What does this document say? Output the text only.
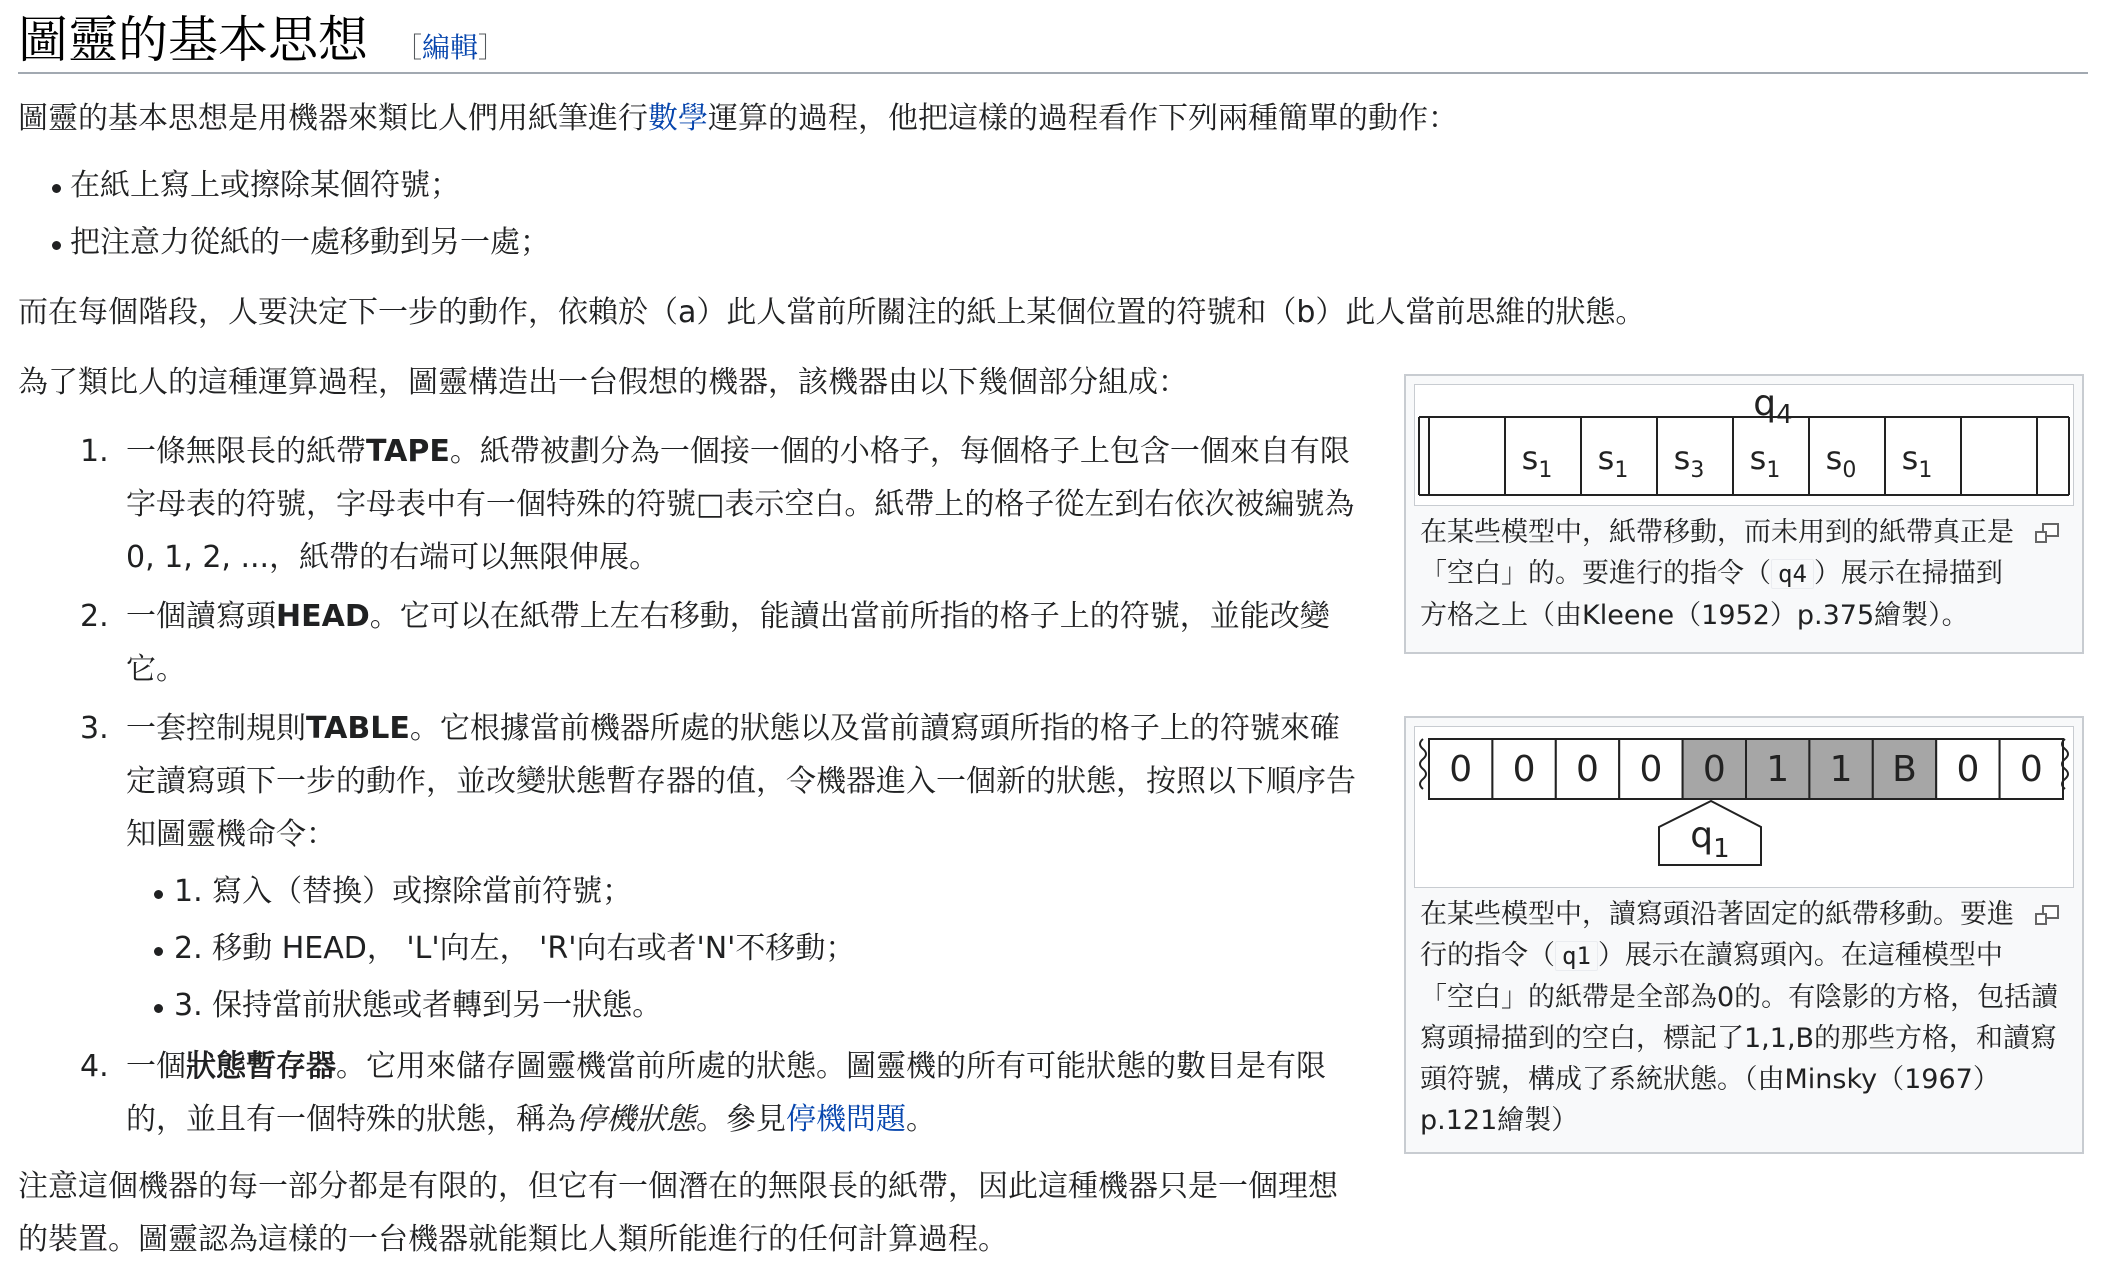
圖靈的基本思想 ［編輯］

圖靈的基本思想是用機器來類比人們用紙筆進行數學運算的過程，他把這樣的過程看作下列兩種簡單的動作：

在紙上寫上或擦除某個符號；
把注意力從紙的一處移動到另一處；

而在每個階段，人要決定下一步的動作，依賴於（a）此人當前所關注的紙上某個位置的符號和（b）此人當前思維的狀態。

為了類比人的這種運算過程，圖靈構造出一台假想的機器，該機器由以下幾個部分組成：

1. 一條無限長的紙帶TAPE。紙帶被劃分為一個接一個的小格子，每個格子上包含一個來自有限字母表的符號，字母表中有一個特殊的符號□表示空白。紙帶上的格子從左到右依次被編號為0, 1, 2, ...，紙帶的右端可以無限伸展。
2. 一個讀寫頭HEAD。它可以在紙帶上左右移動，能讀出當前所指的格子上的符號，並能改變它。
3. 一套控制規則TABLE。它根據當前機器所處的狀態以及當前讀寫頭所指的格子上的符號來確定讀寫頭下一步的動作，並改變狀態暫存器的值，令機器進入一個新的狀態，按照以下順序告知圖靈機命令：
1. 寫入（替換）或擦除當前符號；
2. 移動 HEAD， 'L'向左， 'R'向右或者'N'不移動；
3. 保持當前狀態或者轉到另一狀態。
4. 一個狀態暫存器。它用來儲存圖靈機當前所處的狀態。圖靈機的所有可能狀態的數目是有限的，並且有一個特殊的狀態，稱為停機狀態。參見停機問題。

注意這個機器的每一部分都是有限的，但它有一個潛在的無限長的紙帶，因此這種機器只是一個理想的裝置。圖靈認為這樣的一台機器就能類比人類所能進行的任何計算過程。

$s_1$ $s_1$ $s_3$ $s_1$ $s_0$ $s_1$
$q_4$
在某些模型中，紙帶移動，而未用到的紙帶真正是「空白」的。要進行的指令（ q4 ）展示在掃描到方格之上（由Kleene（1952）p.375繪製）。
0 0 0 0 0 1 1 B 0 0
$q_1$
在某些模型中，讀寫頭沿著固定的紙帶移動。要進行的指令（ q1 ）展示在讀寫頭內。在這種模型中「空白」的紙帶是全部為0的。有陰影的方格，包括讀寫頭掃描到的空白，標記了1,1,B的那些方格，和讀寫頭符號，構成了系統狀態。（由Minsky（1967）p.121繪製）
